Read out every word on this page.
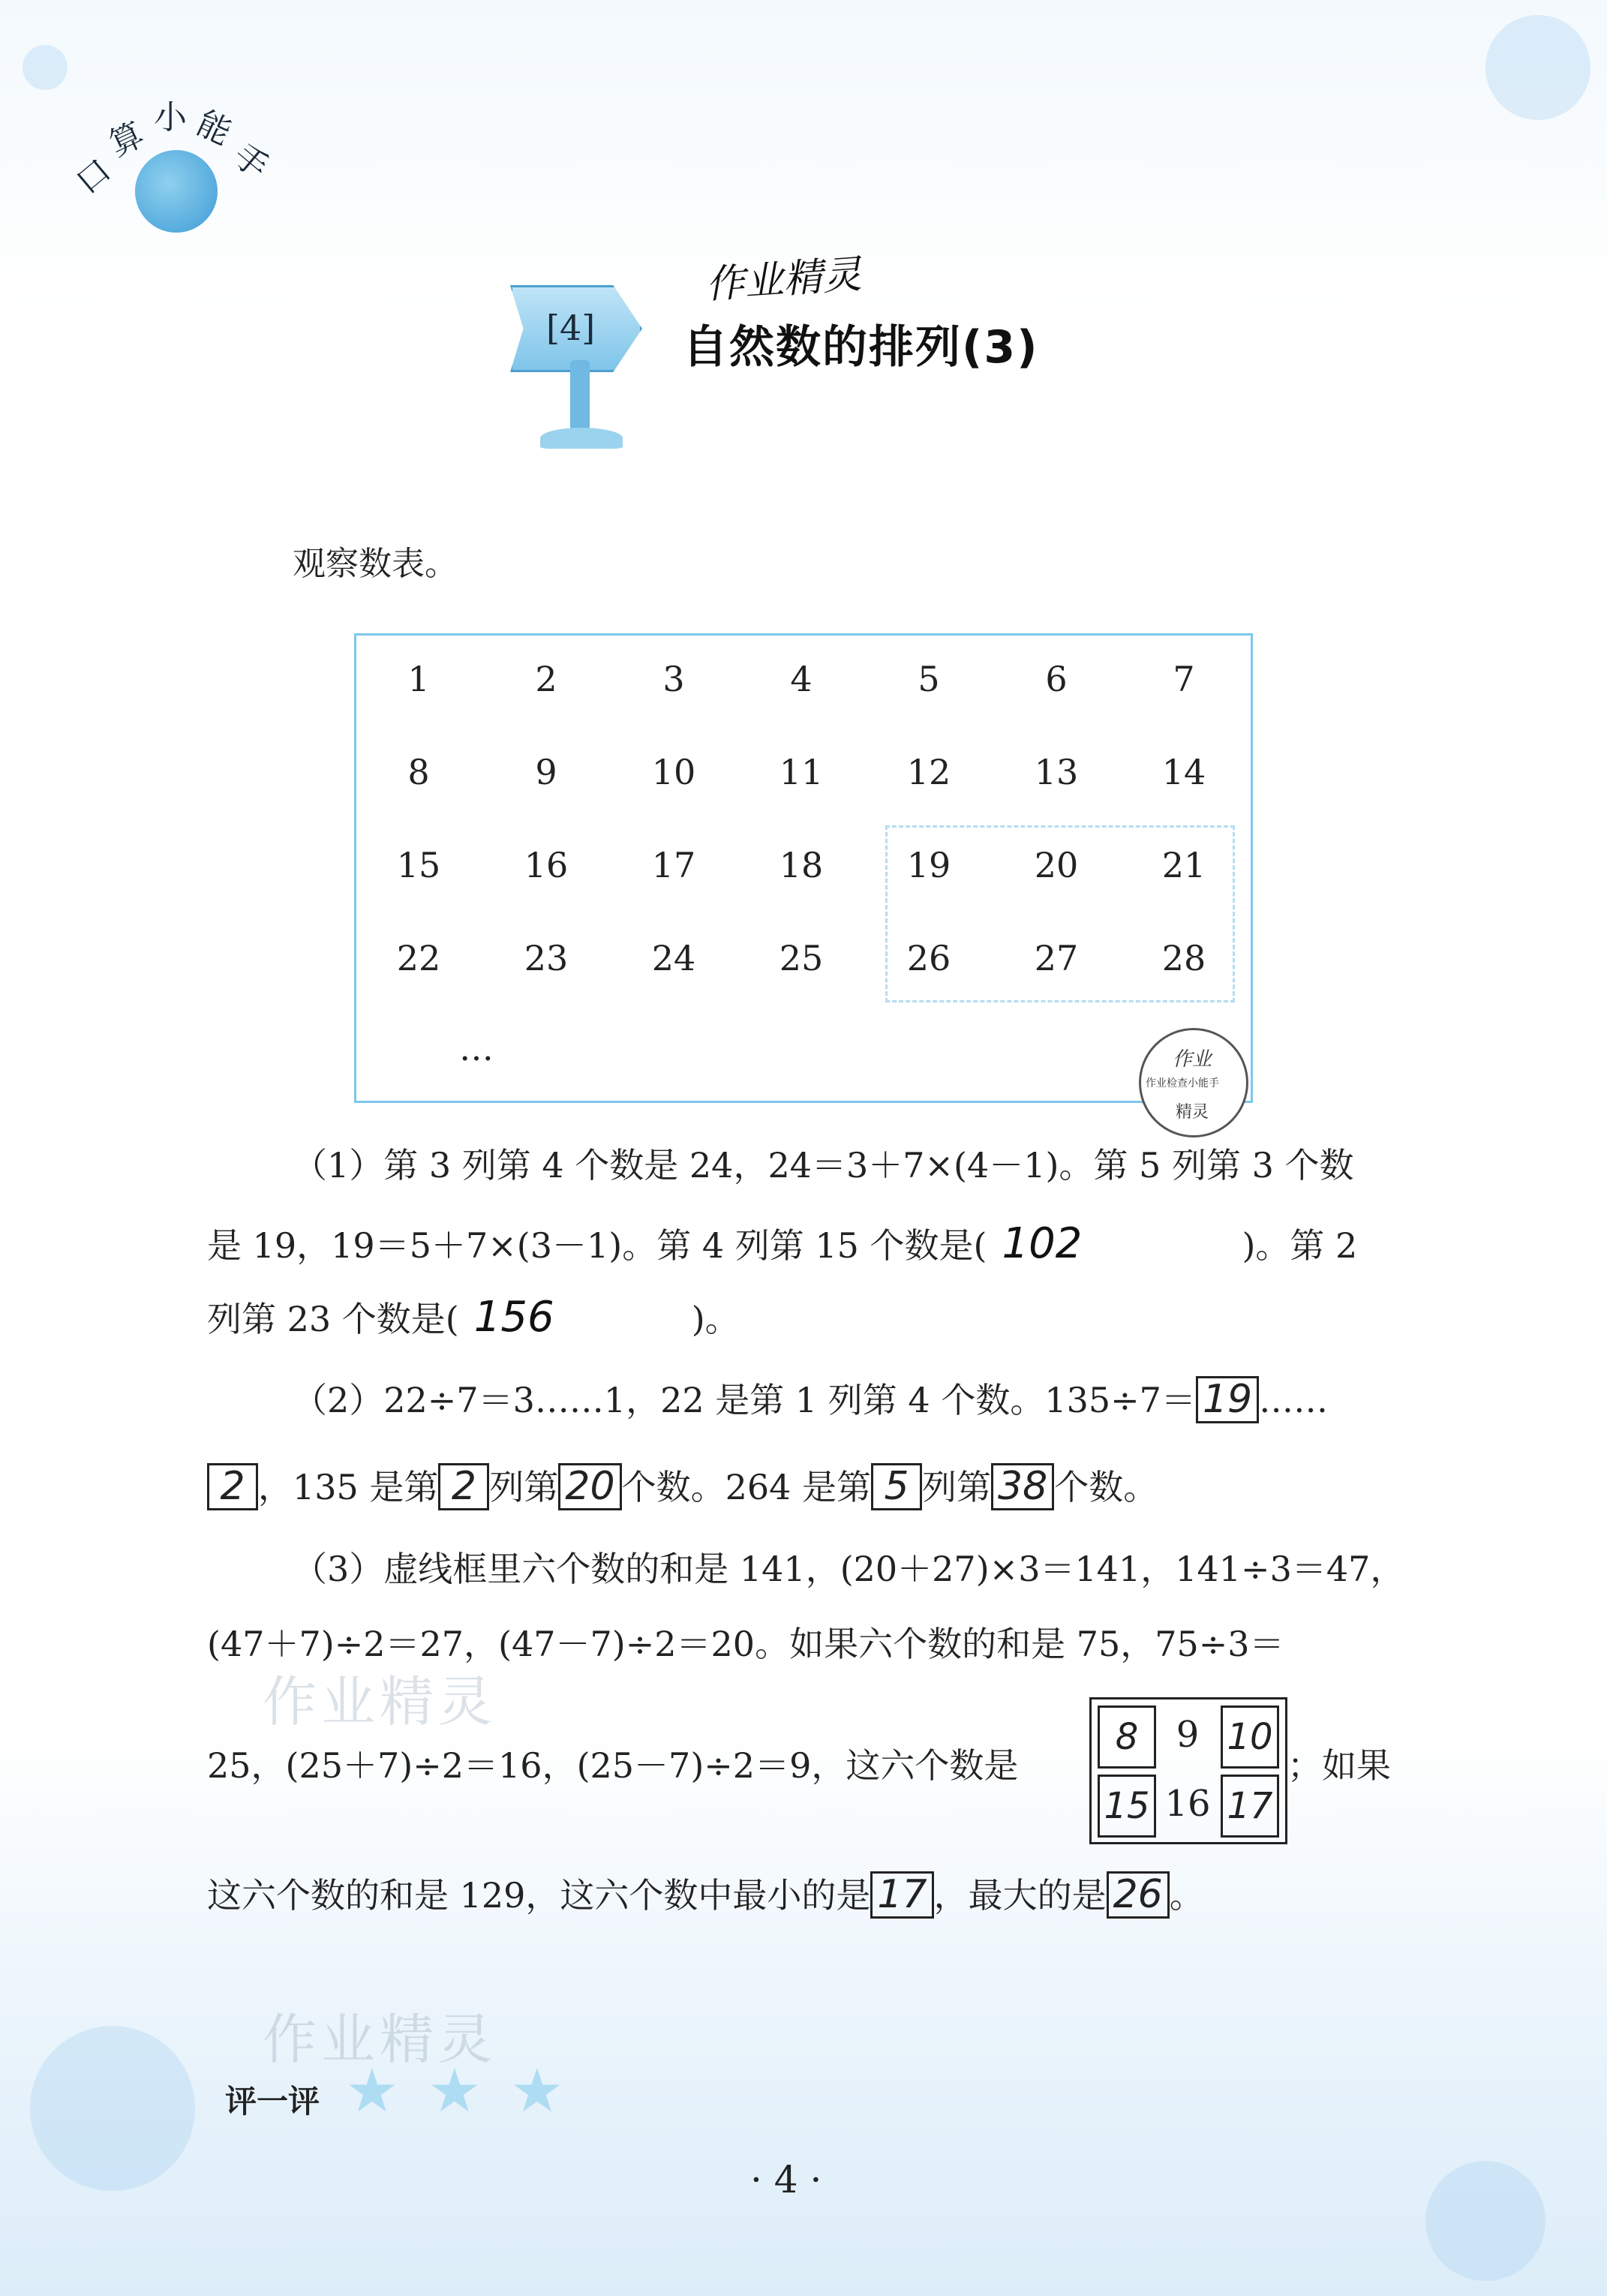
口
算 小 能
手
[4]
作业精灵
自然数的排列(3)
观察数表。
1	2	3	4	5	6	7
8	9	10	11	12	13	14
15	16	17	18	19	20	21
22	23	24	25	26	27	28
…	作业
作业检查小能手
精灵
（1）第 3 列第 4 个数是 24，24＝3＋7×(4－1)。第 5 列第 3 个数
是 19，19＝5＋7×(3－1)。第 4 列第 15 个数是( 102	)。第 2
列第 23 个数是( 156	)。
（2）22÷7＝3……1，22 是第 1 列第 4 个数。135÷7＝ 19 ……
2 ，135 是第 2 列第 20 个数。264 是第 5 列第 38 个数。
（3）虚线框里六个数的和是 141，(20＋27)×3＝141，141÷3＝47，
(47＋7)÷2＝27，(47－7)÷2＝20。如果六个数的和是 75，75÷3＝
25，(25＋7)÷2＝16，(25－7)÷2＝9，这六个数是
8	9 10
15 16 17
；如果
这六个数的和是 129，这六个数中最小的是 17 ，最大的是 26 。
作业精灵
作业精灵
评一评 ★ ★ ★
· 4 ·
